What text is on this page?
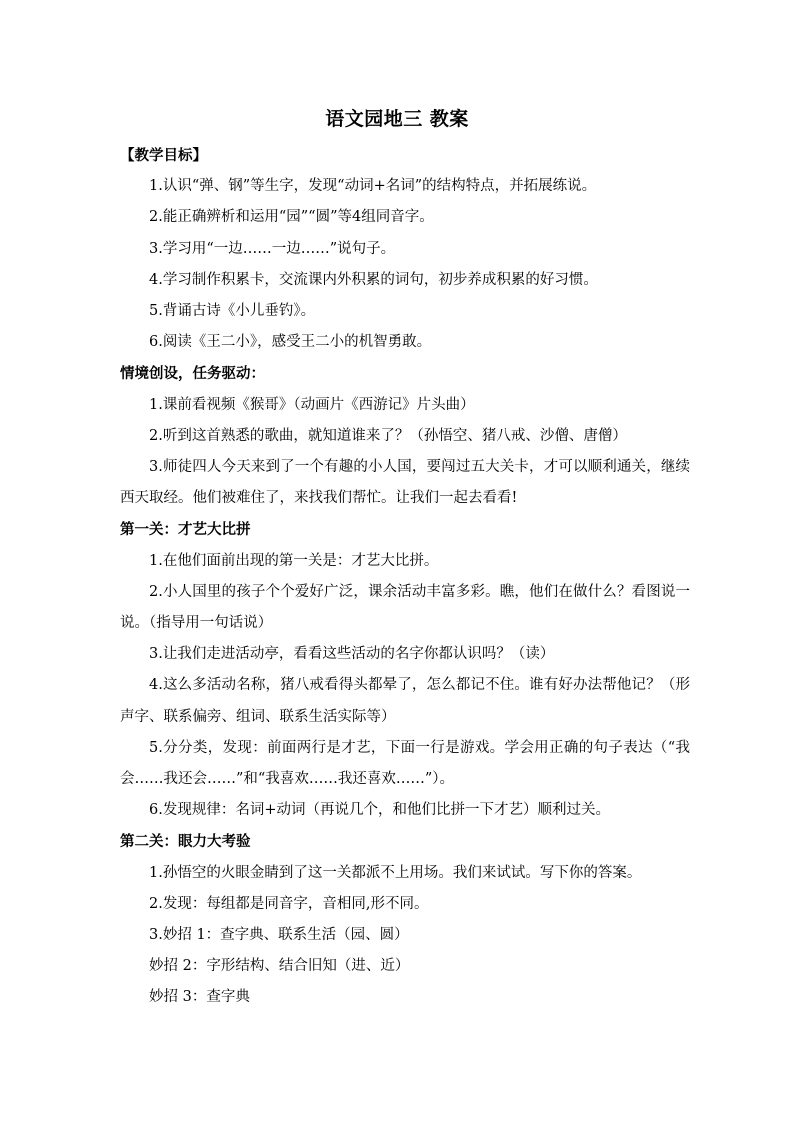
语文园地三 教案

【教学目标】

1.认识“弹、钢”等生字，发现“动词+名词”的结构特点，并拓展练说。

2.能正确辨析和运用“园”“圆”等4组同音字。

3.学习用“一边……一边……”说句子。

4.学习制作积累卡，交流课内外积累的词句，初步养成积累的好习惯。

5.背诵古诗《小儿垂钓》。

6.阅读《王二小》，感受王二小的机智勇敢。

情境创设，任务驱动：

1.课前看视频《猴哥》（动画片《西游记》片头曲）

2.听到这首熟悉的歌曲，就知道谁来了？（孙悟空、猪八戒、沙僧、唐僧）

3.师徒四人今天来到了一个有趣的小人国，要闯过五大关卡，才可以顺利通关，继续西天取经。他们被难住了，来找我们帮忙。让我们一起去看看!

第一关：才艺大比拼

1.在他们面前出现的第一关是：才艺大比拼。

2.小人国里的孩子个个爱好广泛，课余活动丰富多彩。瞧，他们在做什么？看图说一说。（指导用一句话说）

3.让我们走进活动亭，看看这些活动的名字你都认识吗？（读）

4.这么多活动名称，猪八戒看得头都晕了，怎么都记不住。谁有好办法帮他记？（形声字、联系偏旁、组词、联系生活实际等）

5.分分类，发现：前面两行是才艺，下面一行是游戏。学会用正确的句子表达（“我会……我还会……”和“我喜欢……我还喜欢……”）。

6.发现规律：名词+动词（再说几个，和他们比拼一下才艺）顺利过关。

第二关：眼力大考验

1.孙悟空的火眼金睛到了这一关都派不上用场。我们来试试。写下你的答案。

2.发现：每组都是同音字，音相同,形不同。

3.妙招 1：查字典、联系生活（园、圆）

妙招 2：字形结构、结合旧知（进、近）

妙招 3：查字典
